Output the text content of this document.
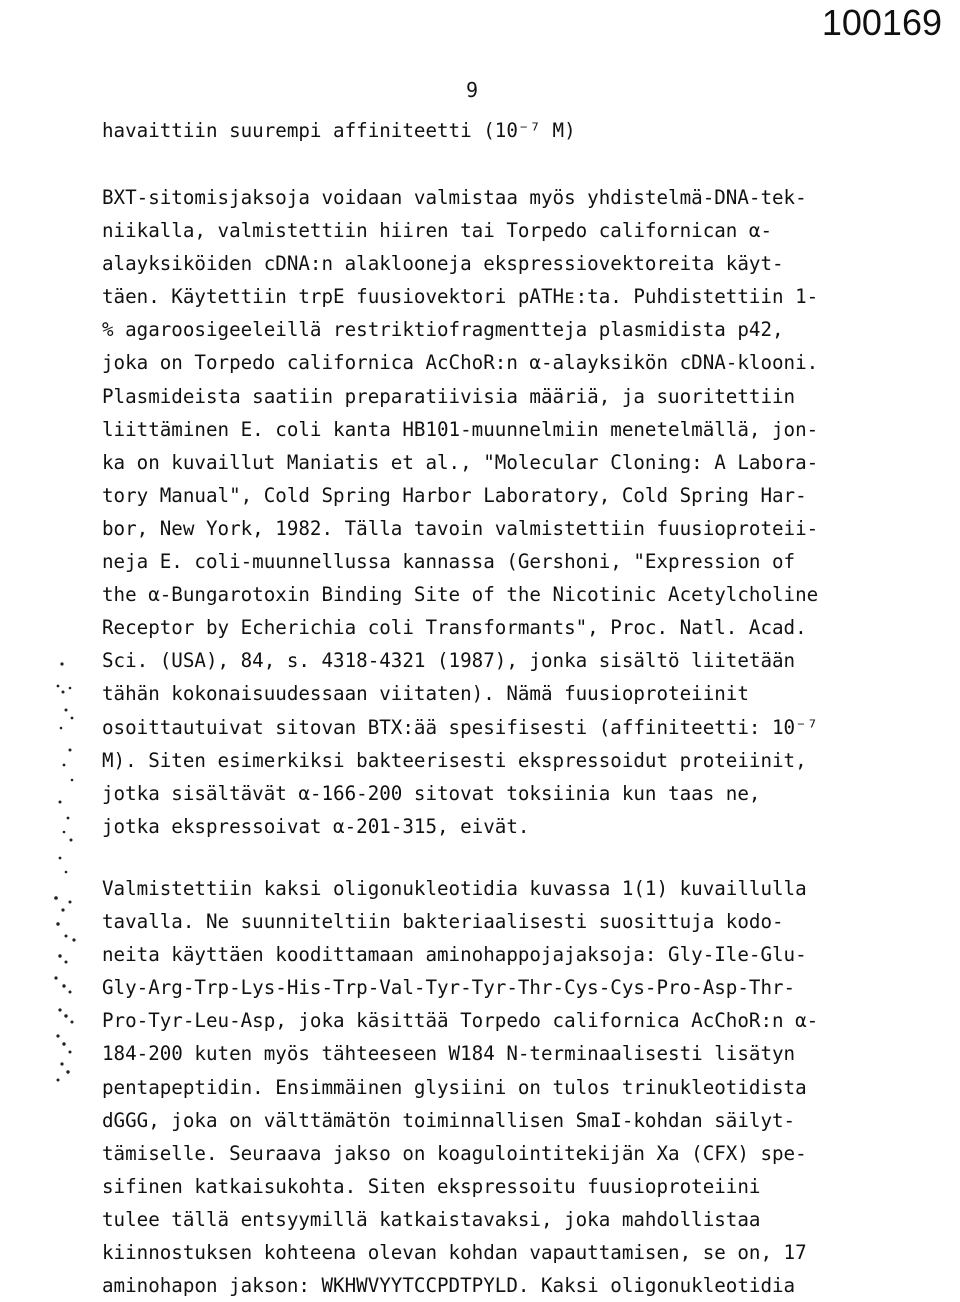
100169
9
havaittiin suurempi affiniteetti (10⁻⁷ M)
BXT-sitomisjaksoja voidaan valmistaa myös yhdistelmä-DNA-tek-
niikalla, valmistettiin hiiren tai Torpedo californican α-
alayksiköiden cDNA:n alaklooneja ekspressiovektoreita käyt-
täen. Käytettiin trpE fuusiovektori pATHᴇ:ta. Puhdistettiin 1-
% agaroosigeeleillä restriktiofragmentteja plasmidista p42,
joka on Torpedo californica AcChoR:n α-alayksikön cDNA-klooni.
Plasmideista saatiin preparatiivisia määriä, ja suoritettiin
liittäminen E. coli kanta HB101-muunnelmiin menetelmällä, jon-
ka on kuvaillut Maniatis et al., "Molecular Cloning: A Labora-
tory Manual", Cold Spring Harbor Laboratory, Cold Spring Har-
bor, New York, 1982. Tälla tavoin valmistettiin fuusioproteii-
neja E. coli-muunnellussa kannassa (Gershoni, "Expression of
the α-Bungarotoxin Binding Site of the Nicotinic Acetylcholine
Receptor by Echerichia coli Transformants", Proc. Natl. Acad.
Sci. (USA), 84, s. 4318-4321 (1987), jonka sisältö liitetään
tähän kokonaisuudessaan viitaten). Nämä fuusioproteiinit
osoittautuivat sitovan BTX:ää spesifisesti (affiniteetti: 10⁻⁷
M). Siten esimerkiksi bakteerisesti ekspressoidut proteiinit,
jotka sisältävät α-166-200 sitovat toksiinia kun taas ne,
jotka ekspressoivat α-201-315, eivät.
Valmistettiin kaksi oligonukleotidia kuvassa 1(1) kuvaillulla
tavalla. Ne suunniteltiin bakteriaalisesti suosittuja kodo-
neita käyttäen koodittamaan aminohappojajaksoja: Gly-Ile-Glu-
Gly-Arg-Trp-Lys-His-Trp-Val-Tyr-Tyr-Thr-Cys-Cys-Pro-Asp-Thr-
Pro-Tyr-Leu-Asp, joka käsittää Torpedo californica AcChoR:n α-
184-200 kuten myös tähteeseen W184 N-terminaalisesti lisätyn
pentapeptidin. Ensimmäinen glysiini on tulos trinukleotidista
dGGG, joka on välttämätön toiminnallisen SmaI-kohdan säilyt-
tämiselle. Seuraava jakso on koagulointitekijän Xa (CFX) spe-
sifinen katkaisukohta. Siten ekspressoitu fuusioproteiini
tulee tällä entsyymillä katkaistavaksi, joka mahdollistaa
kiinnostuksen kohteena olevan kohdan vapauttamisen, se on, 17
aminohapon jakson: WKHWVYYTCCPDTPYLD. Kaksi oligonukleotidia
